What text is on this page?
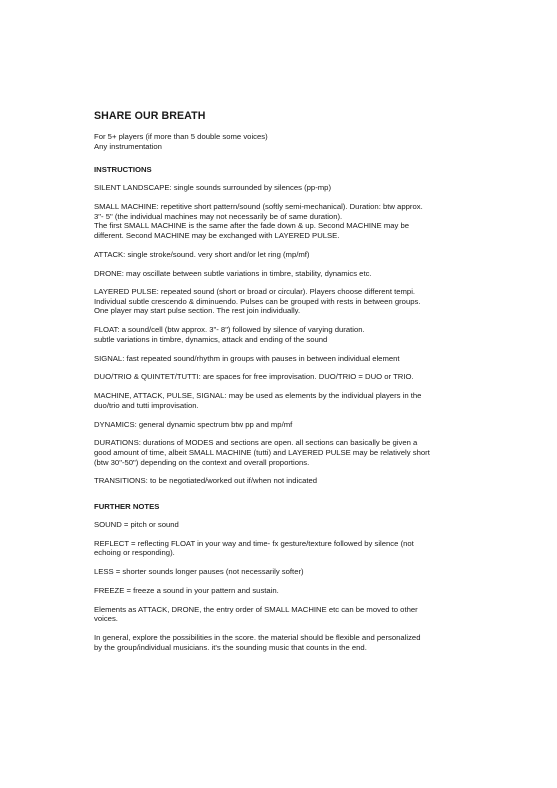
SHARE OUR BREATH
For 5+ players (if more than 5 double some voices)
Any instrumentation
INSTRUCTIONS
SILENT LANDSCAPE: single sounds surrounded by silences (pp-mp)
SMALL MACHINE: repetitive short pattern/sound (softly semi-mechanical). Duration: btw approx.
3"- 5" (the individual machines may not necessarily be of same duration).
The first SMALL MACHINE is the same after the fade down & up. Second MACHINE may be
different. Second MACHINE may be exchanged with LAYERED PULSE.
ATTACK: single stroke/sound. very short and/or let ring (mp/mf)
DRONE: may oscillate between subtle variations in timbre, stability, dynamics etc.
LAYERED PULSE: repeated sound (short or broad or circular). Players choose different tempi.
Individual subtle crescendo & diminuendo. Pulses can be grouped with rests in between groups.
One player may start pulse section. The rest join individually.
FLOAT: a sound/cell (btw approx. 3"- 8") followed by silence of varying duration.
subtle variations in timbre, dynamics, attack and ending of the sound
SIGNAL: fast repeated sound/rhythm in groups with pauses in between individual element
DUO/TRIO & QUINTET/TUTTI: are spaces for free improvisation. DUO/TRIO = DUO or TRIO.
MACHINE, ATTACK, PULSE, SIGNAL: may be used as elements by the individual players in the
duo/trio and tutti improvisation.
DYNAMICS: general dynamic spectrum btw pp and mp/mf
DURATIONS: durations of MODES and sections are open. all sections can basically be given a
good amount of time, albeit SMALL MACHINE (tutti) and LAYERED PULSE may be relatively short
(btw 30"-50") depending on the context and overall proportions.
TRANSITIONS: to be negotiated/worked out if/when not indicated
FURTHER NOTES
SOUND = pitch or sound
REFLECT = reflecting FLOAT in your way and time- fx gesture/texture followed by silence (not
echoing or responding).
LESS = shorter sounds longer pauses (not necessarily softer)
FREEZE = freeze a sound in your pattern and sustain.
Elements as ATTACK, DRONE, the entry order of SMALL MACHINE etc can be moved to other
voices.
In general, explore the possibilities in the score. the material should be flexible and personalized
by the group/individual musicians. it's the sounding music that counts in the end.
